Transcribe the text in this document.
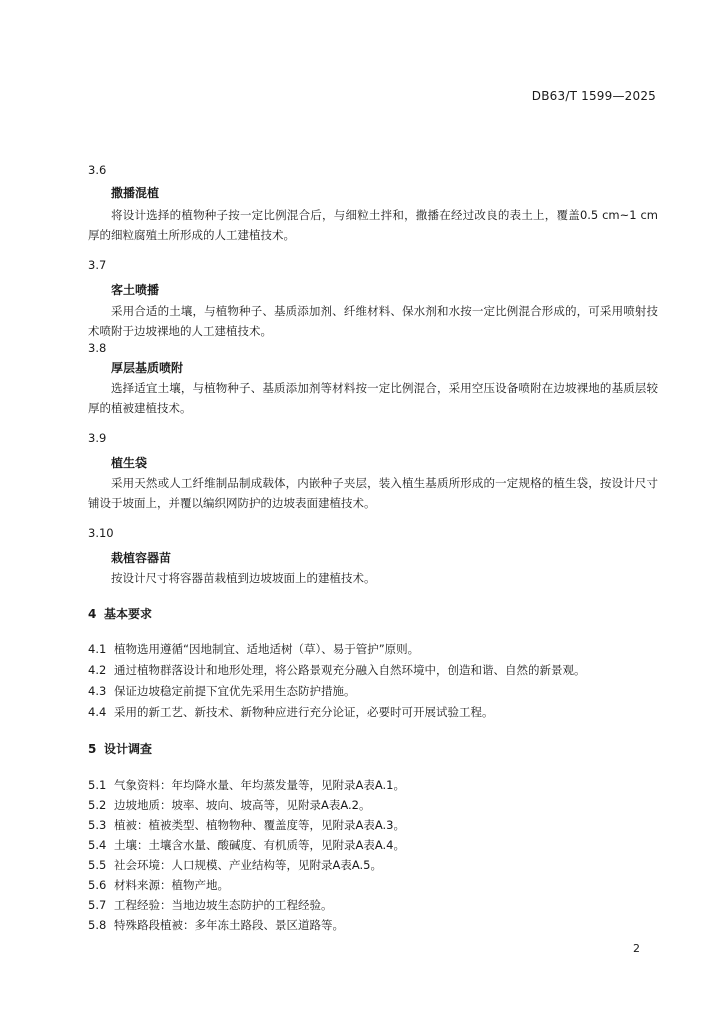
DB63/T 1599—2025
3.6
撒播混植
将设计选择的植物种子按一定比例混合后，与细粒土拌和，撒播在经过改良的表土上，覆盖0.5 cm~1 cm厚的细粒腐殖土所形成的人工建植技术。
3.7
客土喷播
采用合适的土壤，与植物种子、基质添加剂、纤维材料、保水剂和水按一定比例混合形成的，可采用喷射技术喷附于边坡裸地的人工建植技术。
3.8
厚层基质喷附
选择适宜土壤，与植物种子、基质添加剂等材料按一定比例混合，采用空压设备喷附在边坡裸地的基质层较厚的植被建植技术。
3.9
植生袋
采用天然或人工纤维制品制成载体，内嵌种子夹层，装入植生基质所形成的一定规格的植生袋，按设计尺寸铺设于坡面上，并覆以编织网防护的边坡表面建植技术。
3.10
栽植容器苗
按设计尺寸将容器苗栽植到边坡坡面上的建植技术。
4 基本要求
4.1 植物选用遵循“因地制宜、适地适树（草）、易于管护”原则。
4.2 通过植物群落设计和地形处理，将公路景观充分融入自然环境中，创造和谐、自然的新景观。
4.3 保证边坡稳定前提下宜优先采用生态防护措施。
4.4 采用的新工艺、新技术、新物种应进行充分论证，必要时可开展试验工程。
5 设计调查
5.1 气象资料：年均降水量、年均蒸发量等，见附录A表A.1。
5.2 边坡地质：坡率、坡向、坡高等，见附录A表A.2。
5.3 植被：植被类型、植物物种、覆盖度等，见附录A表A.3。
5.4 土壤：土壤含水量、酸碱度、有机质等，见附录A表A.4。
5.5 社会环境：人口规模、产业结构等，见附录A表A.5。
5.6 材料来源：植物产地。
5.7 工程经验：当地边坡生态防护的工程经验。
5.8 特殊路段植被：多年冻土路段、景区道路等。
2
